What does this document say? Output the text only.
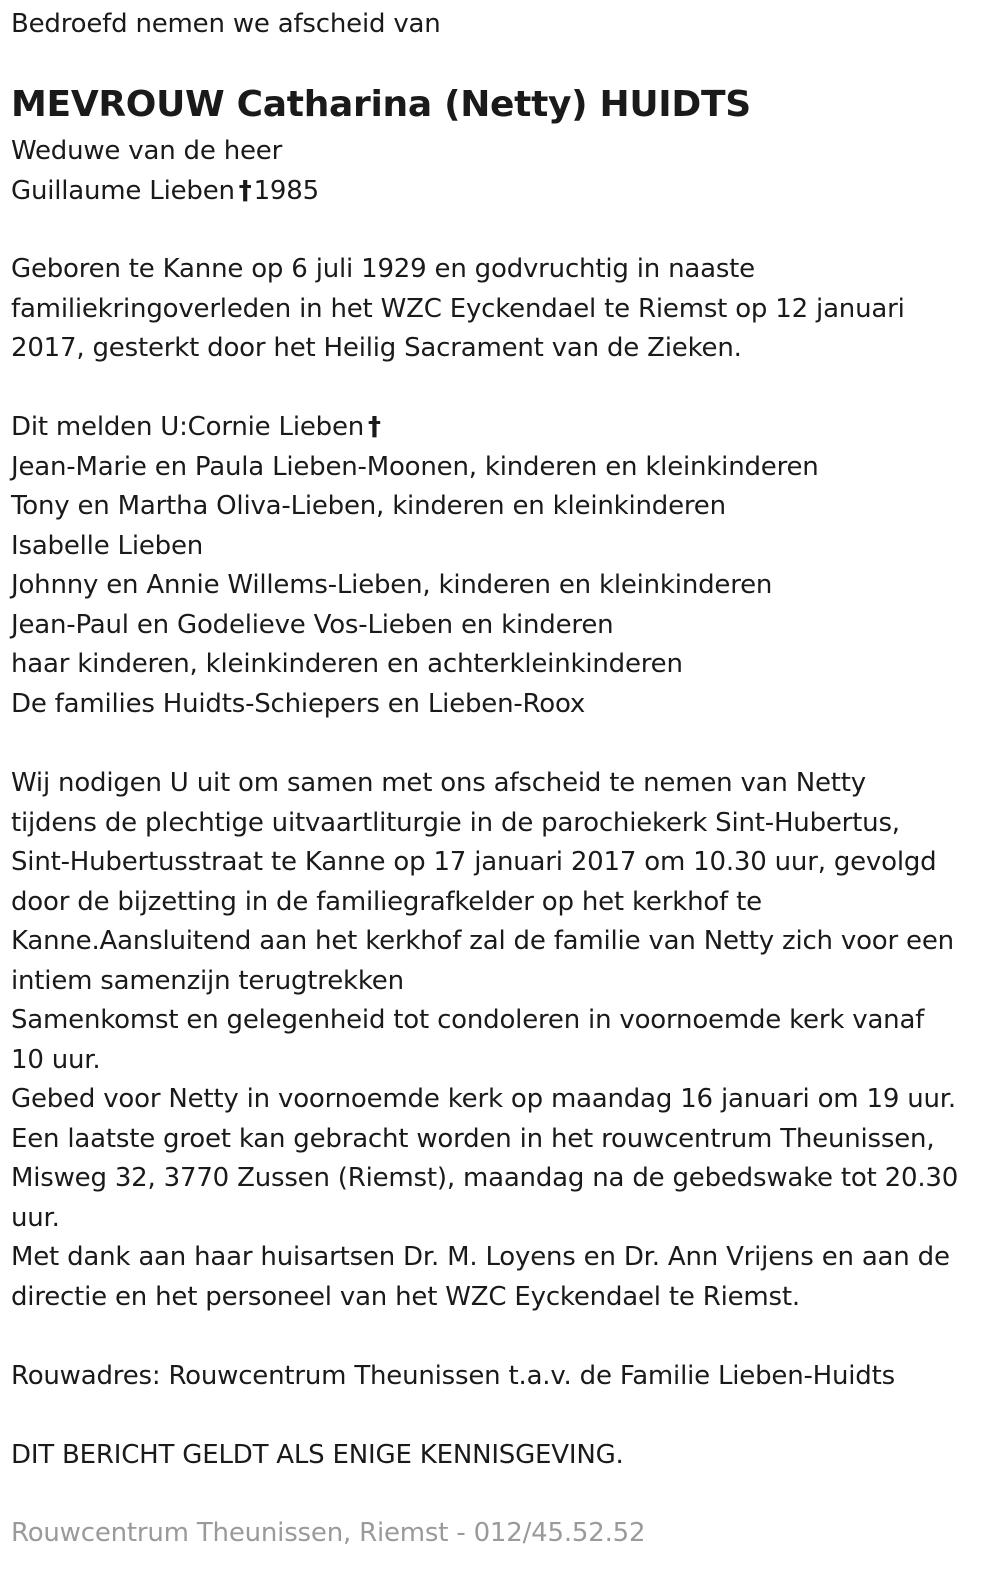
Bedroefd nemen we afscheid van
MEVROUW Catharina (Netty) HUIDTS
Weduwe van de heer
Guillaume Lieben †1985
Geboren te Kanne op 6 juli 1929 en godvruchtig in naaste
familiekringoverleden in het WZC Eyckendael te Riemst op 12 januari
2017, gesterkt door het Heilig Sacrament van de Zieken.
Dit melden U:Cornie Lieben †
Jean-Marie en Paula Lieben-Moonen, kinderen en kleinkinderen
Tony en Martha Oliva-Lieben, kinderen en kleinkinderen
Isabelle Lieben
Johnny en Annie Willems-Lieben, kinderen en kleinkinderen
Jean-Paul en Godelieve Vos-Lieben en kinderen
haar kinderen, kleinkinderen en achterkleinkinderen
De families Huidts-Schiepers en Lieben-Roox
Wij nodigen U uit om samen met ons afscheid te nemen van Netty
tijdens de plechtige uitvaartliturgie in de parochiekerk Sint-Hubertus,
Sint-Hubertusstraat te Kanne op 17 januari 2017 om 10.30 uur, gevolgd
door de bijzetting in de familiegrafkelder op het kerkhof te
Kanne.Aansluitend aan het kerkhof zal de familie van Netty zich voor een
intiem samenzijn terugtrekken
Samenkomst en gelegenheid tot condoleren in voornoemde kerk vanaf
10 uur.
Gebed voor Netty in voornoemde kerk op maandag 16 januari om 19 uur.
Een laatste groet kan gebracht worden in het rouwcentrum Theunissen,
Misweg 32, 3770 Zussen (Riemst), maandag na de gebedswake tot 20.30
uur.
Met dank aan haar huisartsen Dr. M. Loyens en Dr. Ann Vrijens en aan de
directie en het personeel van het WZC Eyckendael te Riemst.
Rouwadres: Rouwcentrum Theunissen t.a.v. de Familie Lieben-Huidts
DIT BERICHT GELDT ALS ENIGE KENNISGEVING.
Rouwcentrum Theunissen, Riemst - 012/45.52.52
